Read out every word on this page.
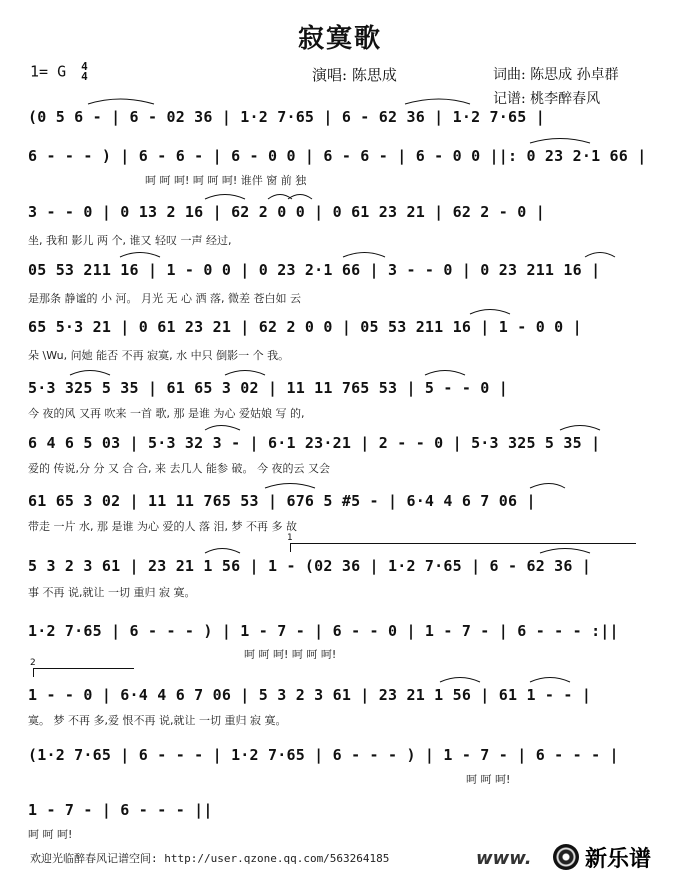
寂寞歌
1= G 4
4	演唱: 陈思成	词曲: 陈思成 孙卓群
记谱: 桃李醉春风
(0 5 6 - | 6 - 02 36 | 1·2 7·65 | 6 - 62 36 | 1·2 7·65 |
6 - - - ) | 6 - 6 - | 6 - 0 0 | 6 - 6 - | 6 - 0 0 ||: 0 23 2·1 66 |
呵 呵 呵! 呵 呵 呵! 谁伴 窗 前 独
3 - - 0 | 0 13 2 16 | 62 2 0 0 | 0 61 23 21 | 62 2 - 0 |
坐, 我和 影儿 两 个, 谁又 轻叹 一声 经过,
05 53 211 16 | 1 - 0 0 | 0 23 2·1 66 | 3 - - 0 | 0 23 211 16 |
是那条 静谧的 小 河。 月光 无 心 洒 落, 微差 苍白如 云
65 5·3 21 | 0 61 23 21 | 62 2 0 0 | 05 53 211 16 | 1 - 0 0 |
朵 \Wu, 问她 能否 不再 寂寞, 水 中只 倒影一 个 我。
5·3 325 5 35 | 61 65 3 02 | 11 11 765 53 | 5 - - 0 |
今 夜的风 又再 吹来 一首 歌, 那 是谁 为心 爱姑娘 写 的,
6 4 6 5 03 | 5·3 32 3 - | 6·1 23·21 | 2 - - 0 | 5·3 325 5 35 |
爱的 传说,分 分 又 合 合, 来 去几人 能参 破。 今 夜的云 又会
61 65 3 02 | 11 11 765 53 | 676 5 #5 - | 6·4 4 6 7 06 |
带走 一片 水, 那 是谁 为心 爱的人 落 泪, 梦 不再 多 故
1
5 3 2 3 61 | 23 21 1 56 | 1 - (02 36 | 1·2 7·65 | 6 - 62 36 |
事 不再 说,就让 一切 重归 寂 寞。
1·2 7·65 | 6 - - - ) | 1 - 7 - | 6 - - 0 | 1 - 7 - | 6 - - - :||
呵 呵 呵! 呵 呵 呵!
2
1 - - 0 | 6·4 4 6 7 06 | 5 3 2 3 61 | 23 21 1 56 | 61 1 - - |
寞。 梦 不再 多,爱 恨不再 说,就让 一切 重归 寂 寞。
(1·2 7·65 | 6 - - - | 1·2 7·65 | 6 - - - ) | 1 - 7 - | 6 - - - |
呵 呵 呵!
1 - 7 - | 6 - - - ||
呵 呵 呵!
欢迎光临醉春风记谱空间: http://user.qzone.qq.com/563264185	www. 新乐谱
